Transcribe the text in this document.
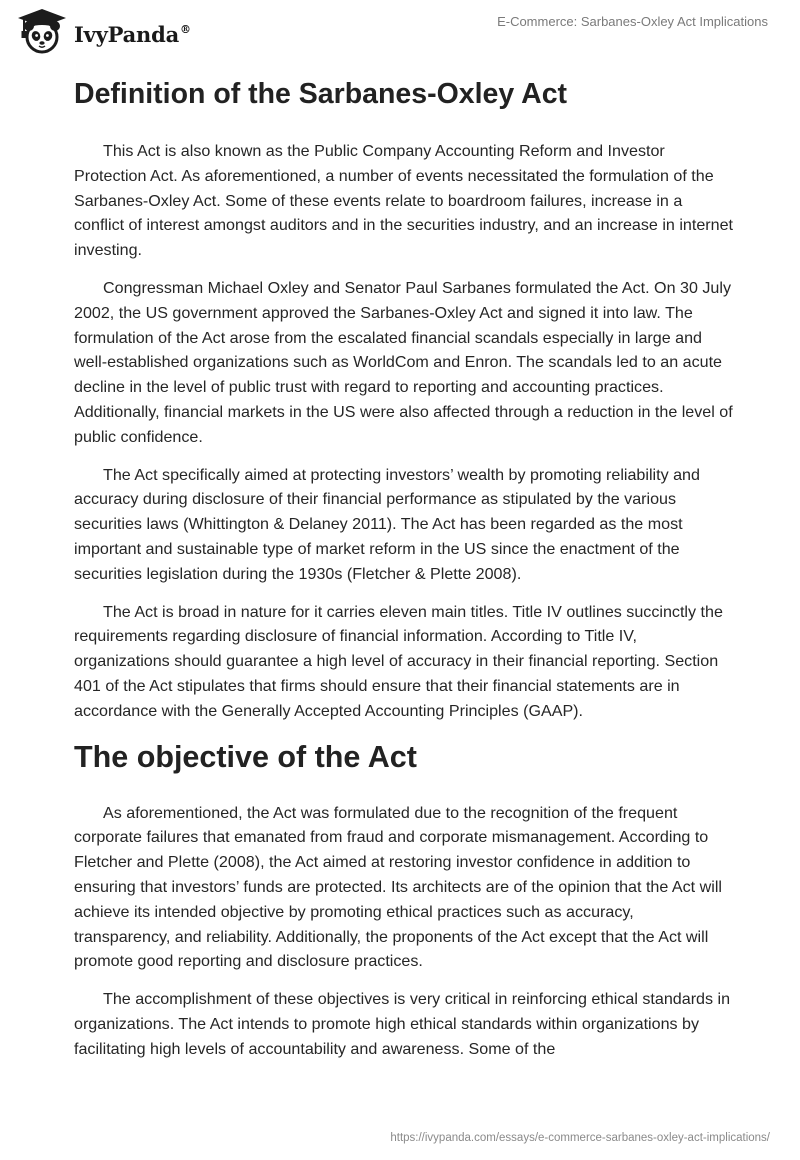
IvyPanda®	E-Commerce: Sarbanes-Oxley Act Implications
Definition of the Sarbanes-Oxley Act

This Act is also known as the Public Company Accounting Reform and Investor Protection Act. As aforementioned, a number of events necessitated the formulation of the Sarbanes-Oxley Act. Some of these events relate to boardroom failures, increase in a conflict of interest amongst auditors and in the securities industry, and an increase in internet investing.

Congressman Michael Oxley and Senator Paul Sarbanes formulated the Act. On 30 July 2002, the US government approved the Sarbanes-Oxley Act and signed it into law. The formulation of the Act arose from the escalated financial scandals especially in large and well-established organizations such as WorldCom and Enron. The scandals led to an acute decline in the level of public trust with regard to reporting and accounting practices. Additionally, financial markets in the US were also affected through a reduction in the level of public confidence.

The Act specifically aimed at protecting investors’ wealth by promoting reliability and accuracy during disclosure of their financial performance as stipulated by the various securities laws (Whittington & Delaney 2011). The Act has been regarded as the most important and sustainable type of market reform in the US since the enactment of the securities legislation during the 1930s (Fletcher & Plette 2008).

The Act is broad in nature for it carries eleven main titles. Title IV outlines succinctly the requirements regarding disclosure of financial information. According to Title IV, organizations should guarantee a high level of accuracy in their financial reporting. Section 401 of the Act stipulates that firms should ensure that their financial statements are in accordance with the Generally Accepted Accounting Principles (GAAP).

The objective of the Act

As aforementioned, the Act was formulated due to the recognition of the frequent corporate failures that emanated from fraud and corporate mismanagement. According to Fletcher and Plette (2008), the Act aimed at restoring investor confidence in addition to ensuring that investors’ funds are protected. Its architects are of the opinion that the Act will achieve its intended objective by promoting ethical practices such as accuracy, transparency, and reliability. Additionally, the proponents of the Act except that the Act will promote good reporting and disclosure practices.

The accomplishment of these objectives is very critical in reinforcing ethical standards in organizations. The Act intends to promote high ethical standards within organizations by facilitating high levels of accountability and awareness. Some of the

https://ivypanda.com/essays/e-commerce-sarbanes-oxley-act-implications/
